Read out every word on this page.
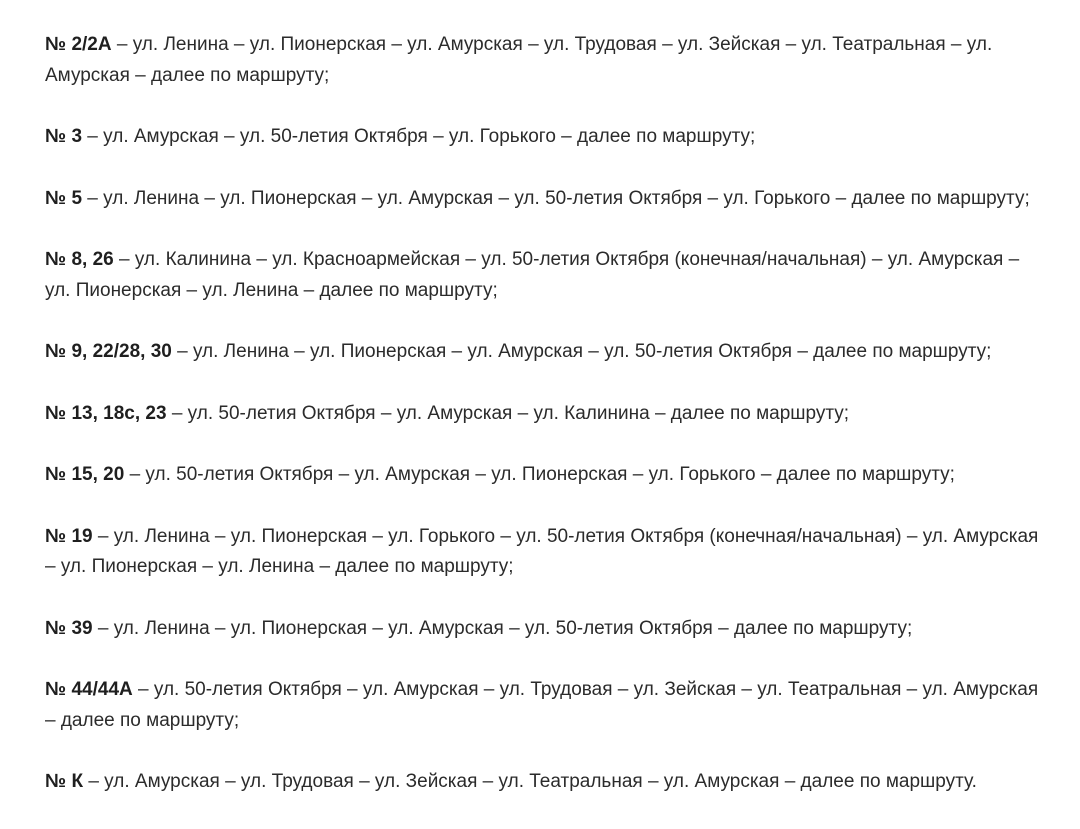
№ 2/2А – ул. Ленина – ул. Пионерская – ул. Амурская – ул. Трудовая – ул. Зейская – ул. Театральная – ул. Амурская – далее по маршруту;

№ 3 – ул. Амурская – ул. 50-летия Октября – ул. Горького – далее по маршруту;

№ 5 – ул. Ленина – ул. Пионерская – ул. Амурская – ул. 50-летия Октября – ул. Горького – далее по маршруту;

№ 8, 26 – ул. Калинина – ул. Красноармейская – ул. 50-летия Октября (конечная/начальная) – ул. Амурская – ул. Пионерская – ул. Ленина – далее по маршруту;

№ 9, 22/28, 30 – ул. Ленина – ул. Пионерская – ул. Амурская – ул. 50-летия Октября – далее по маршруту;

№ 13, 18с, 23 – ул. 50-летия Октября – ул. Амурская – ул. Калинина – далее по маршруту;

№ 15, 20 – ул. 50-летия Октября – ул. Амурская – ул. Пионерская – ул. Горького – далее по маршруту;

№ 19 – ул. Ленина – ул. Пионерская – ул. Горького – ул. 50-летия Октября (конечная/начальная) – ул. Амурская – ул. Пионерская – ул. Ленина – далее по маршруту;

№ 39 – ул. Ленина – ул. Пионерская – ул. Амурская – ул. 50-летия Октября – далее по маршруту;

№ 44/44А – ул. 50-летия Октября – ул. Амурская – ул. Трудовая – ул. Зейская – ул. Театральная – ул. Амурская – далее по маршруту;

№ К – ул. Амурская – ул. Трудовая – ул. Зейская – ул. Театральная – ул. Амурская – далее по маршруту.
